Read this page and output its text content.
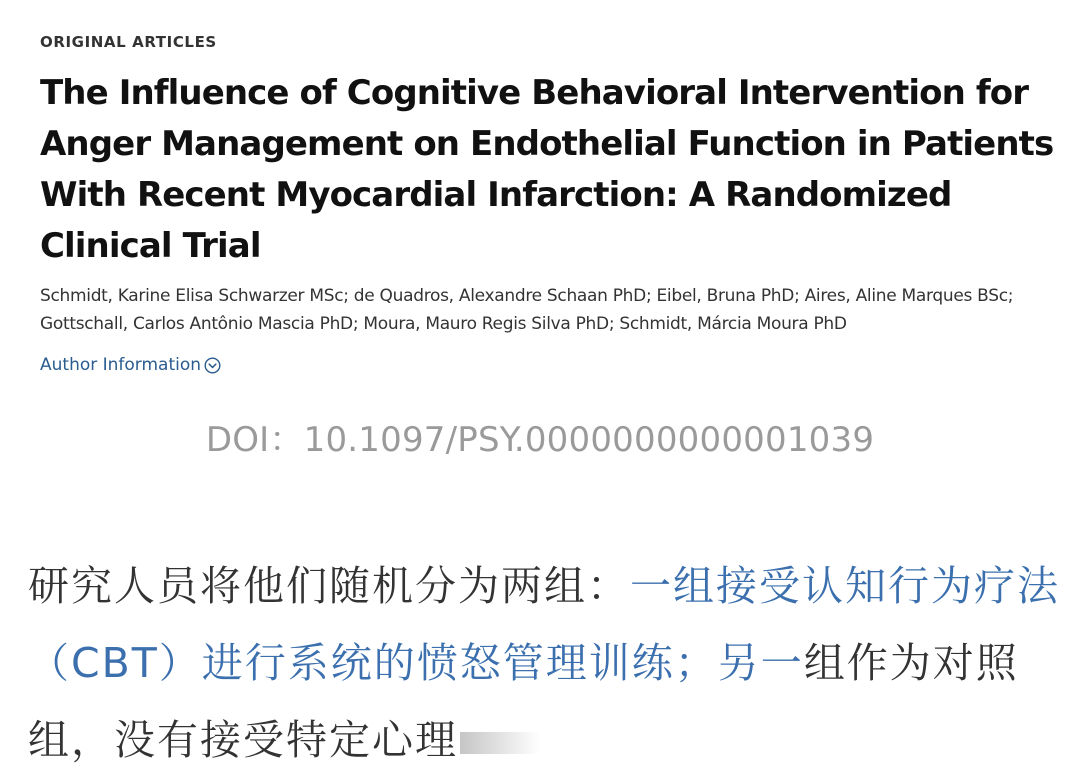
ORIGINAL ARTICLES
The Influence of Cognitive Behavioral Intervention for Anger Management on Endothelial Function in Patients With Recent Myocardial Infarction: A Randomized Clinical Trial
Schmidt, Karine Elisa Schwarzer MSc; de Quadros, Alexandre Schaan PhD; Eibel, Bruna PhD; Aires, Aline Marques BSc; Gottschall, Carlos Antônio Mascia PhD; Moura, Mauro Regis Silva PhD; Schmidt, Márcia Moura PhD
Author Information
DOI：10.1097/PSY.0000000000001039
研究人员将他们随机分为两组：一组接受认知行为疗法（CBT）进行系统的愤怒管理训练；另一组作为对照组，没有接受特定心理
